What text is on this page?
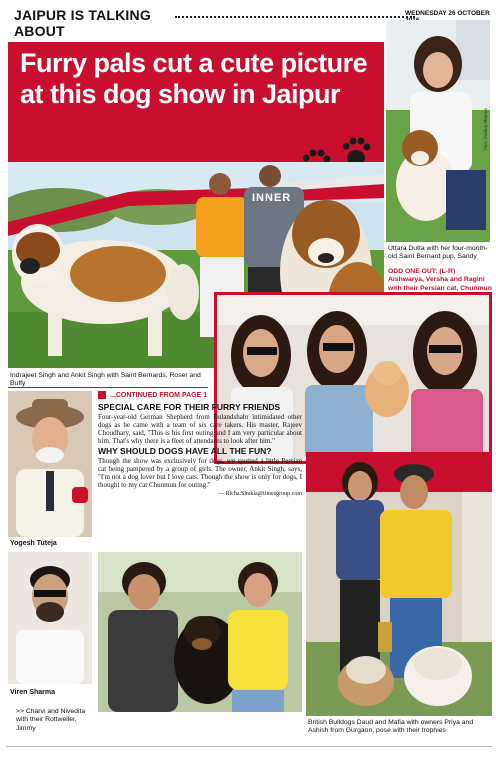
JAIPUR IS TALKING ABOUT
WEDNESDAY 26 OCTOBER
Furry pals cut a cute picture
at this dog show in Jaipur
INNER
Indrajeet Singh and Ankit Singh with Saint Bernards, Roser and Buffy
Pics: Pankaj Sharma
Uttara Dutta with her four-month-old Saint Bernard pup, Sandy
ODD ONE OUT: (L-R) Aishwarya, Versha and Ragini with their Persian cat, Chunmun
Yogesh Tuteja
...CONTINUED FROM PAGE 1
SPECIAL CARE FOR THEIR FURRY FRIENDS
Four-year-old German Shepherd from Bulandshahr intimidated other dogs as he came with a team of six care takers. His master, Rajeev Choudhary, said, "This is his first outing and I am very particular about him. That's why there is a fleet of attendants to look after him."
WHY SHOULD DOGS HAVE ALL THE FUN?
Though the show was exclusively for dogs, we spotted a little Persian cat being pampered by a group of girls. The owner, Ankit Singh, says, "I'm not a dog lover but I love cats. Though the show is only for dogs, I thought to my cat Chunmun for outing."
— Richa.Shukla@timesgroup.com
British Bulldogs Daud and Mafia with owners Priya and Ashish from Gurgaon, pose with their trophies
Viren Sharma
>> Charvi and Nivedita with their Rottweiler, Jimmy
